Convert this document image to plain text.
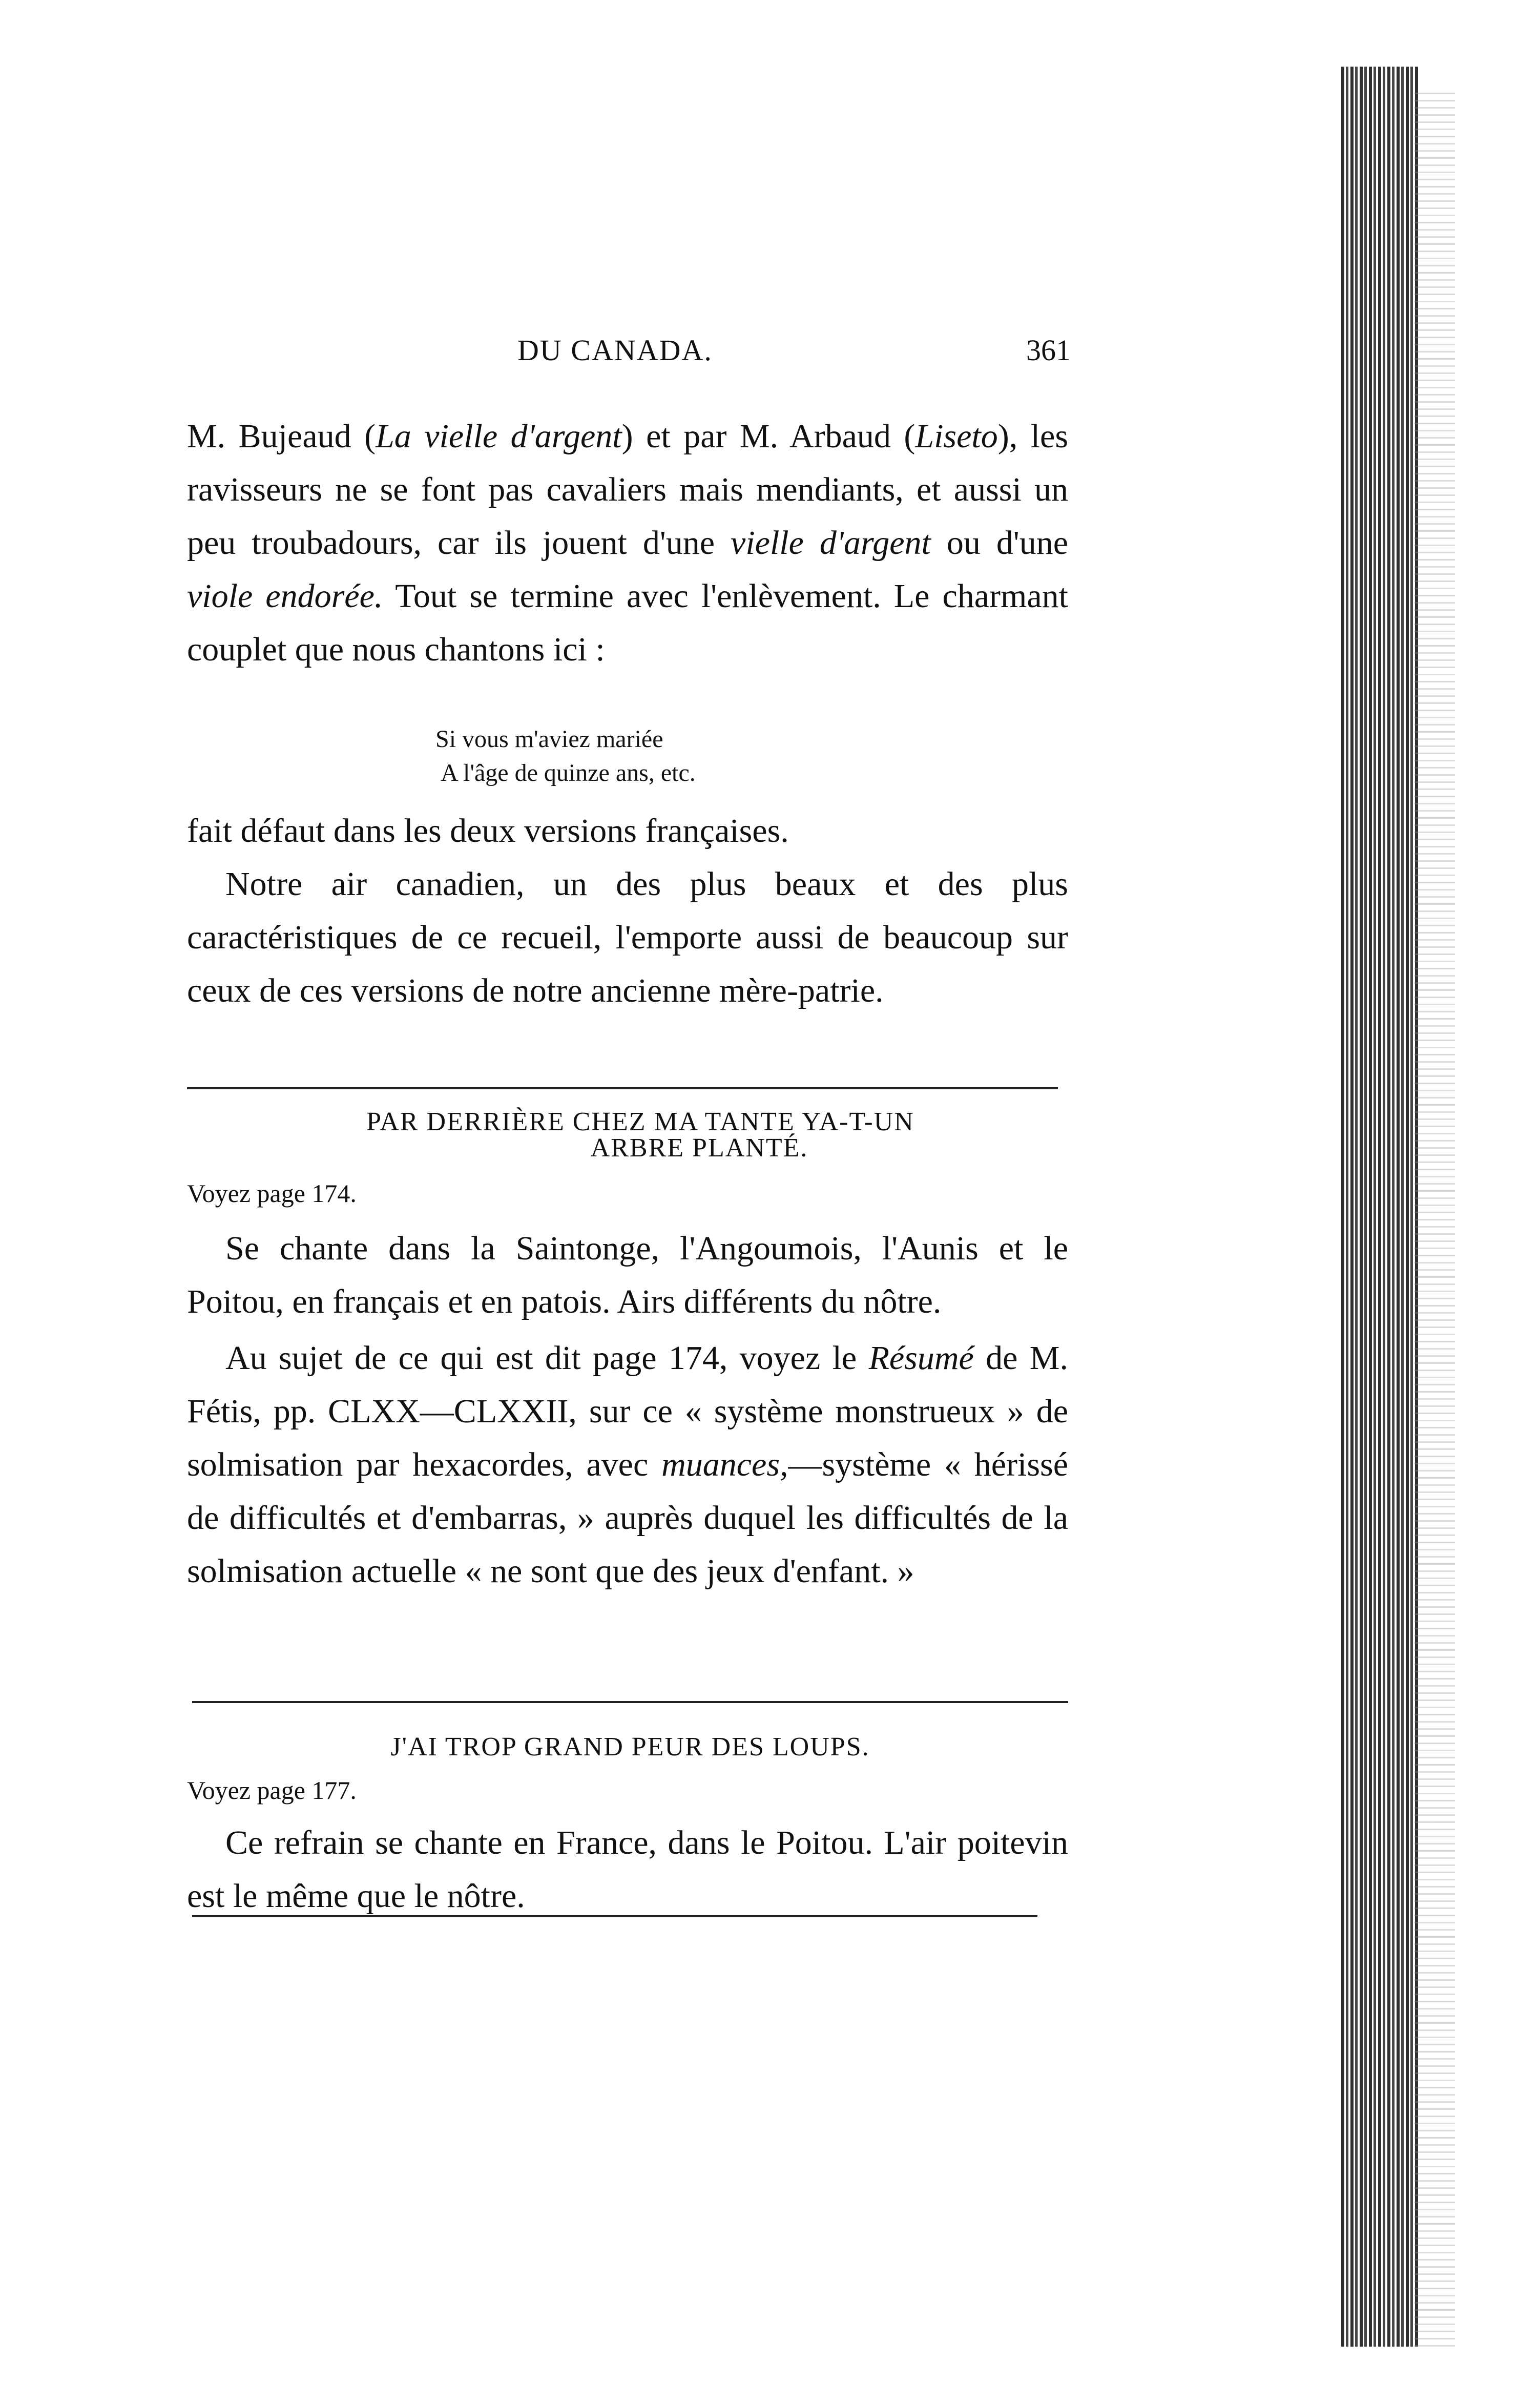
DU CANADA.	361

M. Bujeaud (La vielle d'argent) et par M. Arbaud (Liseto), les ravisseurs ne se font pas cavaliers mais mendiants, et aussi un peu troubadours, car ils jouent d'une vielle d'argent ou d'une viole endorée. Tout se termine avec l'enlèvement. Le charmant couplet que nous chantons ici :

Si vous m'aviez mariée
A l'âge de quinze ans, etc.

fait défaut dans les deux versions françaises.

Notre air canadien, un des plus beaux et des plus caractéristiques de ce recueil, l'emporte aussi de beaucoup sur ceux de ces versions de notre ancienne mère-patrie.

PAR DERRIÈRE CHEZ MA TANTE YA-T-UN
ARBRE PLANTÉ.
Voyez page 174.

Se chante dans la Saintonge, l'Angoumois, l'Aunis et le Poitou, en français et en patois. Airs différents du nôtre.

Au sujet de ce qui est dit page 174, voyez le Résumé de M. Fétis, pp. CLXX—CLXXII, sur ce « système monstrueux » de solmisation par hexacordes, avec muances,—système « hérissé de difficultés et d'embarras, » auprès duquel les difficultés de la solmisation actuelle « ne sont que des jeux d'enfant. »

J'AI TROP GRAND PEUR DES LOUPS.
Voyez page 177.

Ce refrain se chante en France, dans le Poitou. L'air poitevin est le même que le nôtre.
